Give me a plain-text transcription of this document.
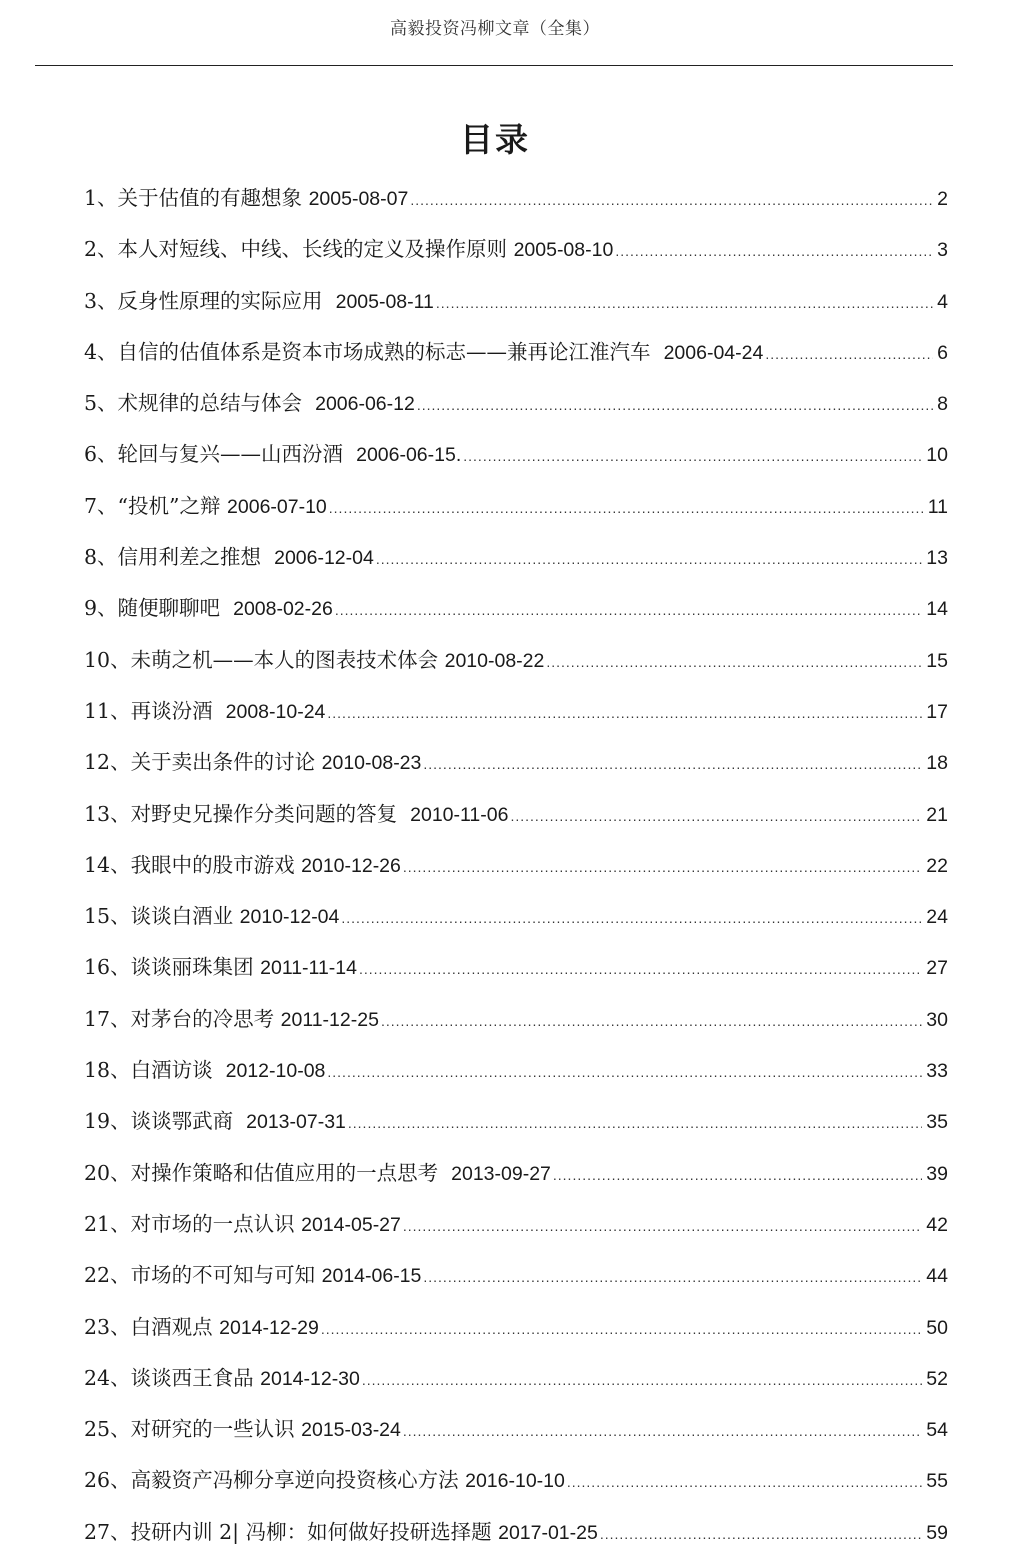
高毅投资冯柳文章（全集）
目录
1、关于估值的有趣想象 2005-08-07 .....	2
2、本人对短线、中线、长线的定义及操作原则 2005-08-10 .....	3
3、反身性原理的实际应用  2005-08-11 .....	4
4、自信的估值体系是资本市场成熟的标志——兼再论江淮汽车  2006-04-24 .....	6
5、术规律的总结与体会  2006-06-12 .....	8
6、轮回与复兴——山西汾酒  2006-06-15. .....	10
7、“投机”之辩 2006-07-10 .....	11
8、信用利差之推想  2006-12-04 .....	13
9、随便聊聊吧  2008-02-26 .....	14
10、未萌之机——本人的图表技术体会 2010-08-22 .....	15
11、再谈汾酒  2008-10-24 .....	17
12、关于卖出条件的讨论 2010-08-23 .....	18
13、对野史兄操作分类问题的答复  2010-11-06 .....	21
14、我眼中的股市游戏 2010-12-26 .....	22
15、谈谈白酒业 2010-12-04 .....	24
16、谈谈丽珠集团 2011-11-14 .....	27
17、对茅台的冷思考 2011-12-25 .....	30
18、白酒访谈  2012-10-08 .....	33
19、谈谈鄂武商  2013-07-31 .....	35
20、对操作策略和估值应用的一点思考  2013-09-27 .....	39
21、对市场的一点认识 2014-05-27 .....	42
22、市场的不可知与可知 2014-06-15 .....	44
23、白酒观点 2014-12-29 .....	50
24、谈谈西王食品 2014-12-30 .....	52
25、对研究的一些认识 2015-03-24 .....	54
26、高毅资产冯柳分享逆向投资核心方法 2016-10-10 .....	55
27、投研内训 2| 冯柳：如何做好投研选择题 2017-01-25 .....	59
